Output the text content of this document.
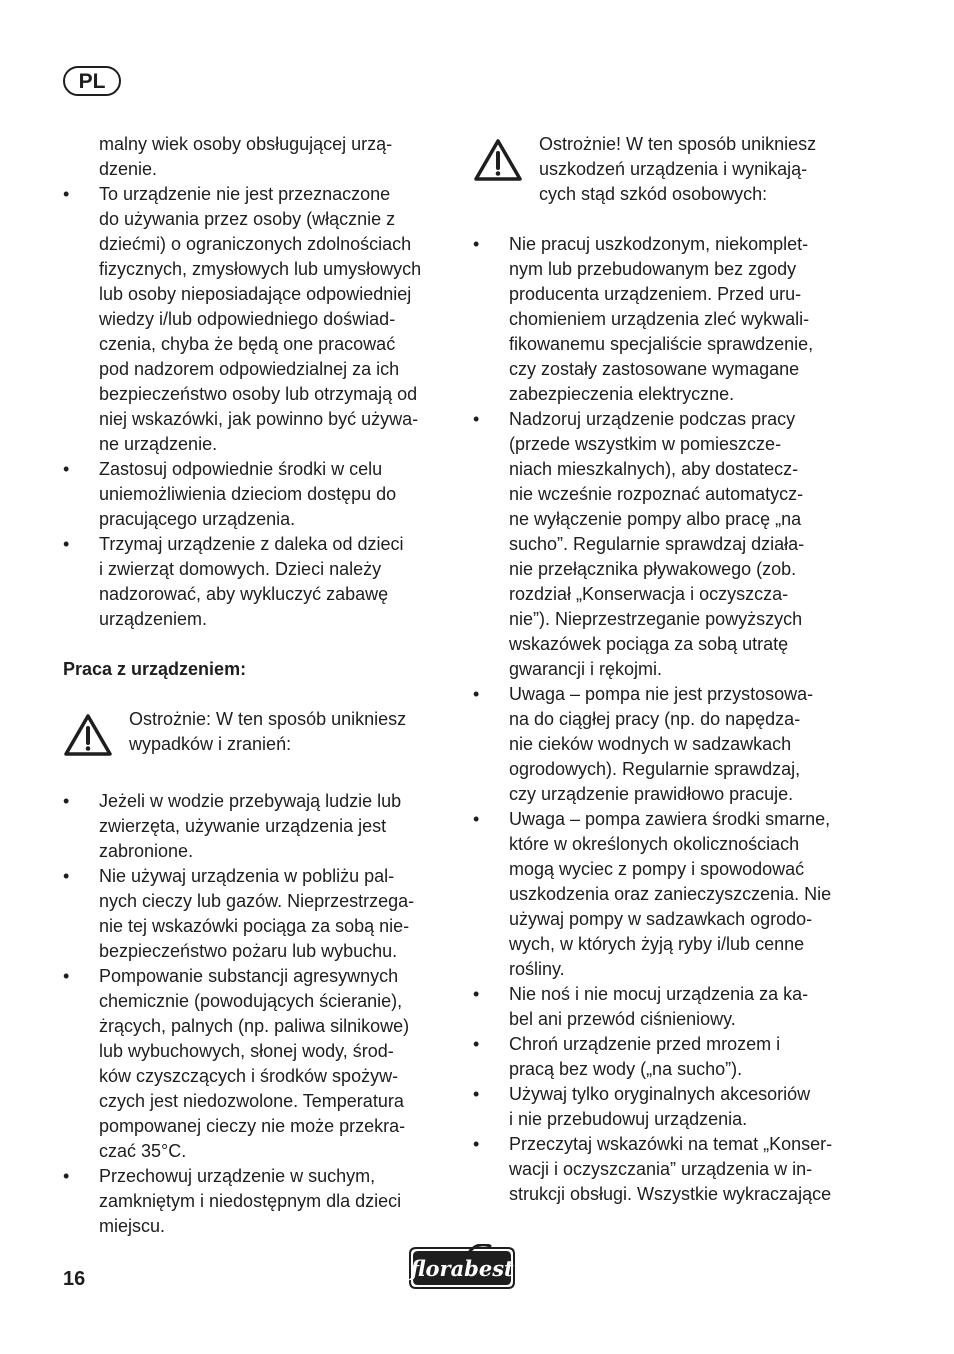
PL
malny wiek osoby obsługującej urzą-
dzenie.
•	To urządzenie nie jest przeznaczone
do używania przez osoby (włącznie z
dziećmi) o ograniczonych zdolnościach
fizycznych, zmysłowych lub umysłowych
lub osoby nieposiadające odpowiedniej
wiedzy i/lub odpowiedniego doświad-
czenia, chyba że będą one pracować
pod nadzorem odpowiedzialnej za ich
bezpieczeństwo osoby lub otrzymają od
niej wskazówki, jak powinno być używa-
ne urządzenie.
•	Zastosuj odpowiednie środki w celu
uniemożliwienia dzieciom dostępu do
pracującego urządzenia.
•	Trzymaj urządzenie z daleka od dzieci
i zwierząt domowych. Dzieci należy
nadzorować, aby wykluczyć zabawę
urządzeniem.
Praca z urządzeniem:
Ostrożnie: W ten sposób unikniesz
wypadków i zranień:
•	Jeżeli w wodzie przebywają ludzie lub
zwierzęta, używanie urządzenia jest
zabronione.
•	Nie używaj urządzenia w pobliżu pal-
nych cieczy lub gazów. Nieprzestrzega-
nie tej wskazówki pociąga za sobą nie-
bezpieczeństwo pożaru lub wybuchu.
•	Pompowanie substancji agresywnych
chemicznie (powodujących ścieranie),
żrących, palnych (np. paliwa silnikowe)
lub wybuchowych, słonej wody, środ-
ków czyszczących i środków spożyw-
czych jest niedozwolone. Temperatura
pompowanej cieczy nie może przekra-
czać 35°C.
•	Przechowuj urządzenie w suchym,
zamkniętym i niedostępnym dla dzieci
miejscu.
Ostrożnie! W ten sposób unikniesz
uszkodzeń urządzenia i wynikają-
cych stąd szkód osobowych:
•	Nie pracuj uszkodzonym, niekomplet-
nym lub przebudowanym bez zgody
producenta urządzeniem. Przed uru-
chomieniem urządzenia zleć wykwali-
fikowanemu specjaliście sprawdzenie,
czy zostały zastosowane wymagane
zabezpieczenia elektryczne.
•	Nadzoruj urządzenie podczas pracy
(przede wszystkim w pomieszcze-
niach mieszkalnych), aby dostatecz-
nie wcześnie rozpoznać automatycz-
ne wyłączenie pompy albo pracę „na
sucho”. Regularnie sprawdzaj działa-
nie przełącznika pływakowego (zob.
rozdział „Konserwacja i oczyszcza-
nie”). Nieprzestrzeganie powyższych
wskazówek pociąga za sobą utratę
gwarancji i rękojmi.
•	Uwaga – pompa nie jest przystosowa-
na do ciągłej pracy (np. do napędza-
nie cieków wodnych w sadzawkach
ogrodowych). Regularnie sprawdzaj,
czy urządzenie prawidłowo pracuje.
•	Uwaga – pompa zawiera środki smarne,
które w określonych okolicznościach
mogą wyciec z pompy i spowodować
uszkodzenia oraz zanieczyszczenia. Nie
używaj pompy w sadzawkach ogrodo-
wych, w których żyją ryby i/lub cenne
rośliny.
•	Nie noś i nie mocuj urządzenia za ka-
bel ani przewód ciśnieniowy.
•	Chroń urządzenie przed mrozem i
pracą bez wody („na sucho”).
•	Używaj tylko oryginalnych akcesoriów
i nie przebudowuj urządzenia.
•	Przeczytaj wskazówki na temat „Konser-
wacji i oczyszczania” urządzenia w in-
strukcji obsługi. Wszystkie wykraczające
16	florabest
